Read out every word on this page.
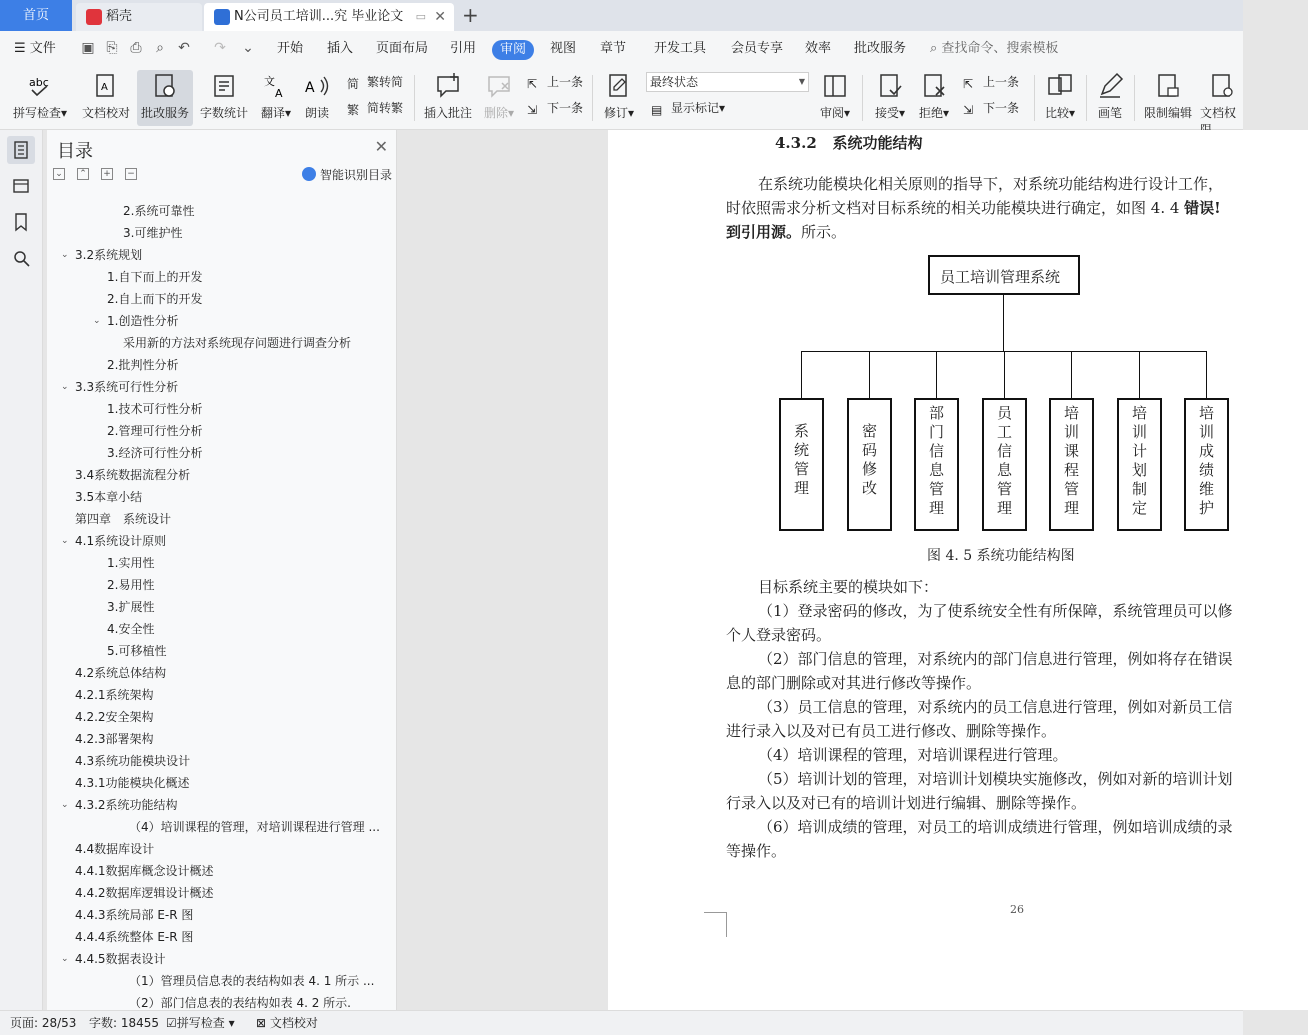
首页	稻壳	N公司员工培训...究 毕业论文 ▭ ✕ +
☰ 文件 ▣ ⎘ ⎙ ⌕ ↶ ↷ ⌄ 开始 插入 页面布局 引用	审阅	视图 章节 开发工具 会员专享 效率 批改服务 ⌕ 查找命令、搜索模板
abc
拼写检查▾
A
文档校对 批改服务 字数统计
文
A
翻译▾
A
朗读
简 繁转简
繁 简转繁 插入批注 删除▾
⇱ 上一条
⇲ 下一条	修订▾
最终状态	▼
▤ 显示标记▾	审阅▾	接受▾	拒绝▾
⇱ 上一条
⇲ 下一条	比较▾	画笔	限制编辑 文档权
目录	✕
⌄ ⌃ + −	智能识别目录
2.系统可靠性
3.可维护性
⌄ 3.2系统规划
1.自下而上的开发
2.自上而下的开发
⌄ 1.创造性分析
采用新的方法对系统现存问题进行调查分析
2.批判性分析
⌄ 3.3系统可行性分析
1.技术可行性分析
2.管理可行性分析
3.经济可行性分析
3.4系统数据流程分析
3.5本章小结
第四章　系统设计
⌄ 4.1系统设计原则
1.实用性
2.易用性
3.扩展性
4.安全性
5.可移植性
4.2系统总体结构
4.2.1系统架构
4.2.2安全架构
4.2.3部署架构
4.3系统功能模块设计
4.3.1功能模块化概述
⌄ 4.3.2系统功能结构
（4）培训课程的管理，对培训课程进行管理 ...
4.4数据库设计
4.4.1数据库概念设计概述
4.4.2数据库逻辑设计概述
4.4.3系统局部 E-R 图
4.4.4系统整体 E-R 图
⌄ 4.4.5数据表设计
（1）管理员信息表的表结构如表 4. 1 所示 ...
（2）部门信息表的表结构如表 4. 2 所示.
4.3.2 系统功能结构
在系统功能模块化相关原则的指导下，对系统功能结构进行设计工作，
时依照需求分析文档对目标系统的相关功能模块进行确定，如图 4. 4 错误!
到引用源。所示。
员工培训管理系统
图 4. 5 系统功能结构图
26
系统管理
密码修改
部门信息管理
员工信息管理
培训课程管理
培训计划制定
培训成绩维护
目标系统主要的模块如下：
（1）登录密码的修改，为了使系统安全性有所保障，系统管理员可以修
个人登录密码。
（2）部门信息的管理，对系统内的部门信息进行管理，例如将存在错误
息的部门删除或对其进行修改等操作。
（3）员工信息的管理，对系统内的员工信息进行管理，例如对新员工信
进行录入以及对已有员工进行修改、删除等操作。
（4）培训课程的管理，对培训课程进行管理。
（5）培训计划的管理，对培训计划模块实施修改，例如对新的培训计划
行录入以及对已有的培训计划进行编辑、删除等操作。
（6）培训成绩的管理，对员工的培训成绩进行管理，例如培训成绩的录
等操作。
页面: 28/53 字数: 18455 ☑拼写检查 ▾ ⊠ 文档校对
